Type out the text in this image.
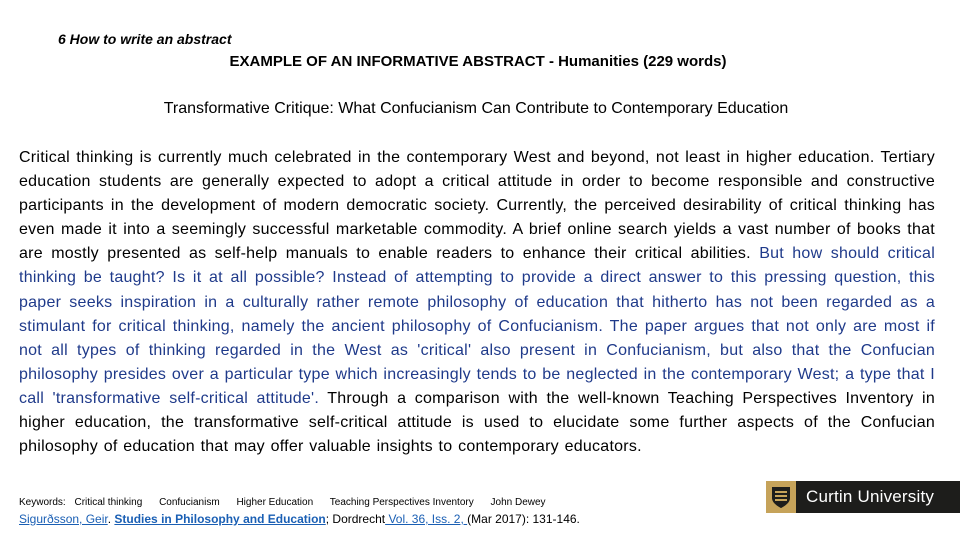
6 How to write an abstract
EXAMPLE OF AN INFORMATIVE ABSTRACT - Humanities (229 words)
Transformative Critique: What Confucianism Can Contribute to Contemporary Education

Critical thinking is currently much celebrated in the contemporary West and beyond, not least in higher education. Tertiary education students are generally expected to adopt a critical attitude in order to become responsible and constructive participants in the development of modern democratic society. Currently, the perceived desirability of critical thinking has even made it into a seemingly successful marketable commodity. A brief online search yields a vast number of books that are mostly presented as self-help manuals to enable readers to enhance their critical abilities. But how should critical thinking be taught? Is it at all possible? Instead of attempting to provide a direct answer to this pressing question, this paper seeks inspiration in a culturally rather remote philosophy of education that hitherto has not been regarded as a stimulant for critical thinking, namely the ancient philosophy of Confucianism. The paper argues that not only are most if not all types of thinking regarded in the West as 'critical' also present in Confucianism, but also that the Confucian philosophy presides over a particular type which increasingly tends to be neglected in the contemporary West; a type that I call 'transformative self-critical attitude'. Through a comparison with the well-known Teaching Perspectives Inventory in higher education, the transformative self-critical attitude is used to elucidate some further aspects of the Confucian philosophy of education that may offer valuable insights to contemporary educators.

Keywords: Critical thinking Confucianism Higher Education Teaching Perspectives Inventory John Dewey
Sigurðsson, Geir. Studies in Philosophy and Education; Dordrecht Vol. 36, Iss. 2, (Mar 2017): 131-146.
Curtin University
